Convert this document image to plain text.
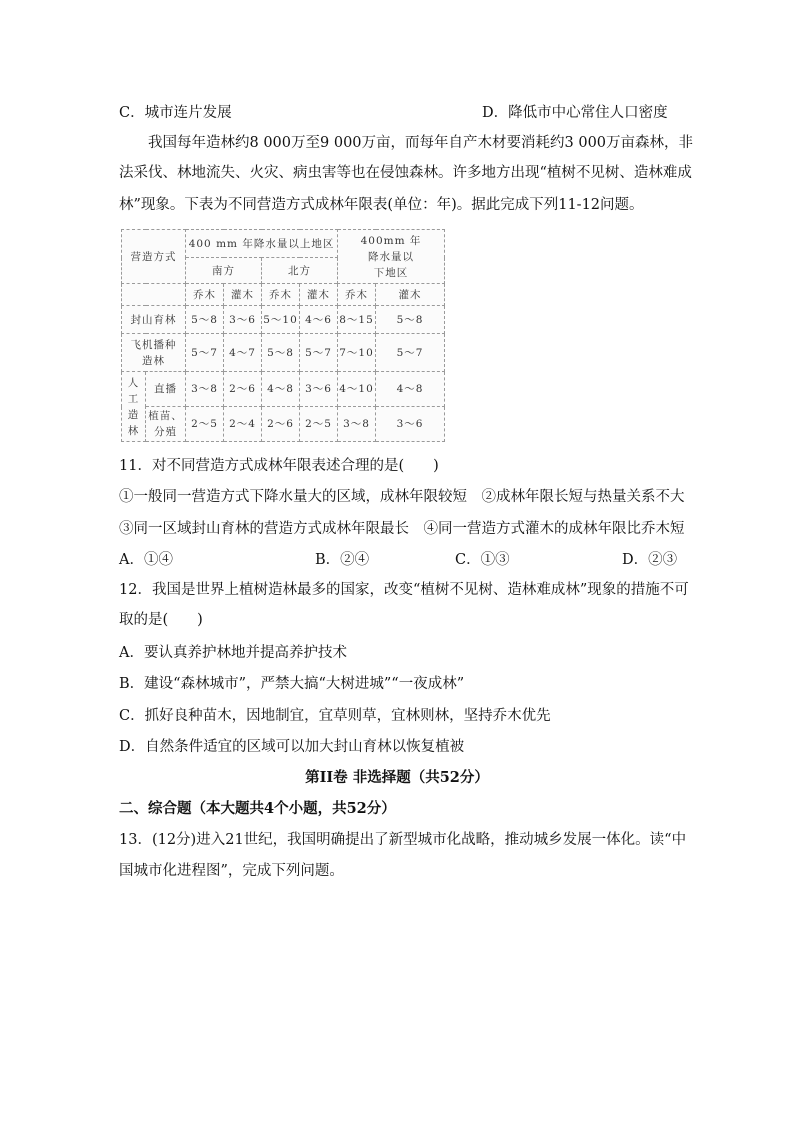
C．城市连片发展	D．降低市中心常住人口密度
我国每年造林约8 000万至9 000万亩，而每年自产木材要消耗约3 000万亩森林，非
法采伐、林地流失、火灾、病虫害等也在侵蚀森林。许多地方出现“植树不见树、造林难成
林”现象。下表为不同营造方式成林年限表(单位：年)。据此完成下列11-12问题。
营造方式		400 mm 年降水量以上地区				400mm 年
降水量以
下地区	

		南方		北方			
		乔木	灌木	乔木	灌木	乔木	灌木
封山育林		5～8	3～6	5～10	4～6	8～15	5～8

飞机播种
造林		5～7	4～7	5～8	5～7	7～10	5～7

人
工
造
林	直播	3～8	2～6	4～8	3～6	4～10	4～8

	植苗、
分殖	2～5	2～4	2～6	2～5	3～8	3～6
11．对不同营造方式成林年限表述合理的是(　　)
①一般同一营造方式下降水量大的区域，成林年限较短　②成林年限长短与热量关系不大
③同一区域封山育林的营造方式成林年限最长　④同一营造方式灌木的成林年限比乔木短
A．①④	B．②④	C．①③	D．②③
12．我国是世界上植树造林最多的国家，改变“植树不见树、造林难成林”现象的措施不可
取的是(　　)
A．要认真养护林地并提高养护技术
B．建设“森林城市”，严禁大搞“大树进城”“一夜成林”
C．抓好良种苗木，因地制宜，宜草则草，宜林则林，坚持乔木优先
D．自然条件适宜的区域可以加大封山育林以恢复植被
第II卷 非选择题（共52分）
二、综合题（本大题共4个小题，共52分）
13．(12分)进入21世纪，我国明确提出了新型城市化战略，推动城乡发展一体化。读“中
国城市化进程图”，完成下列问题。
